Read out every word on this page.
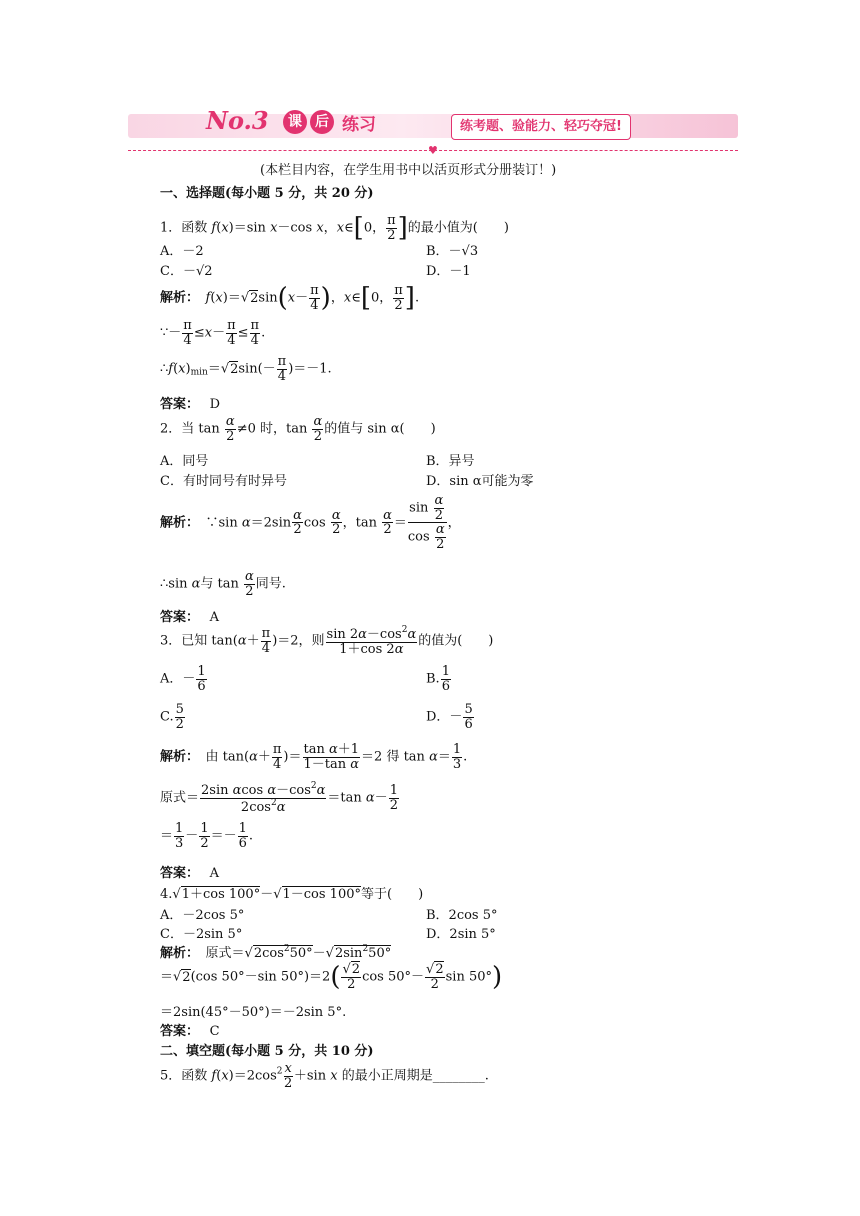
No.3	课 后 练习	练考题、验能力、轻巧夺冠!
♥
(本栏目内容，在学生用书中以活页形式分册装订！)
一、选择题(每小题 5 分，共 20 分)
1．函数 f(x)＝sin x－cos x，x∈[0， $\frac{\pi}{2}$ ]的最小值为(　　)
A．－2	B．－√3
C．－√2	D．－1
解析：　 $f(x)=√2\sin(x- \frac{\pi}{4}$ )，x∈[0， $\frac{\pi}{2}$ ].
∵－ $\frac{\pi}{4} \le x- \frac{\pi}{4} \le \frac{\pi}{4}$ .
$\therefore f(x)_{min}=√2\sin(- \frac{\pi}{4} )=-1$.
答案：　 D
2．当 $\tan \frac{\alpha}{2} \ne 0$ 时，$\tan \frac{\alpha}{2}$ 的值与 sin α(　　)
A．同号	B．异号
C．有时同号有时异号	D．sin α可能为零
解析：　∵sin $\alpha=2\sin \frac{\alpha}{2}$ $\cos \frac{\alpha}{2}$ ，$\tan \frac{\alpha}{2} = \frac{\sin \frac{\alpha}{2}}{\cos \frac{\alpha}{2}}$ ，
∴sin α与 $\tan \frac{\alpha}{2}$ 同号.
答案：　 A
3．已知 $\tan(\alpha+ \frac{\pi}{4} )=2$，则 $\frac{\sin 2\alpha-\cos^2\alpha}{1+\cos 2\alpha}$ 的值为(　　)
A．－ $\frac{1}{6}$	B. $\frac{1}{6}$
C. $\frac{5}{2}$	D．－ $\frac{5}{6}$
解析：　由 $\tan(\alpha+ \frac{\pi}{4}$ )＝ $\frac{\text{tan α＋1}}{\text{1－tan α}} =2$ 得 $\tan \alpha= \frac{1}{3}$ .
原式＝ $\frac{2\sin \alpha\cos \alpha-\cos^2\alpha}{2\cos^2\alpha} =\tan$ $\alpha- \frac{1}{2}$
＝ $\frac{1}{3} - \frac{1}{2} =- \frac{1}{6}$ .
答案：　 A
4.√1＋cos 100°－√1－cos 100°等于(　　)
A．－2cos 5°	B．2cos 5°
C．－2sin 5°	D．2sin 5°
解析：　原式$=√2\cos^250^\circ-√2\sin^250^\circ$
＝√2(cos 50°－sin $50^\circ)=2( \frac{√2}{2}$ $\cos 50^\circ- \frac{√2}{2}$ sin 50°)
＝2sin(45°－50°)＝－2sin 5°.
答案：　 C
二、填空题(每小题 5 分，共 10 分)
5．函数 $f(x)=2\cos^2 \frac{x}{2} +\sin$ x 的最小正周期是________.
